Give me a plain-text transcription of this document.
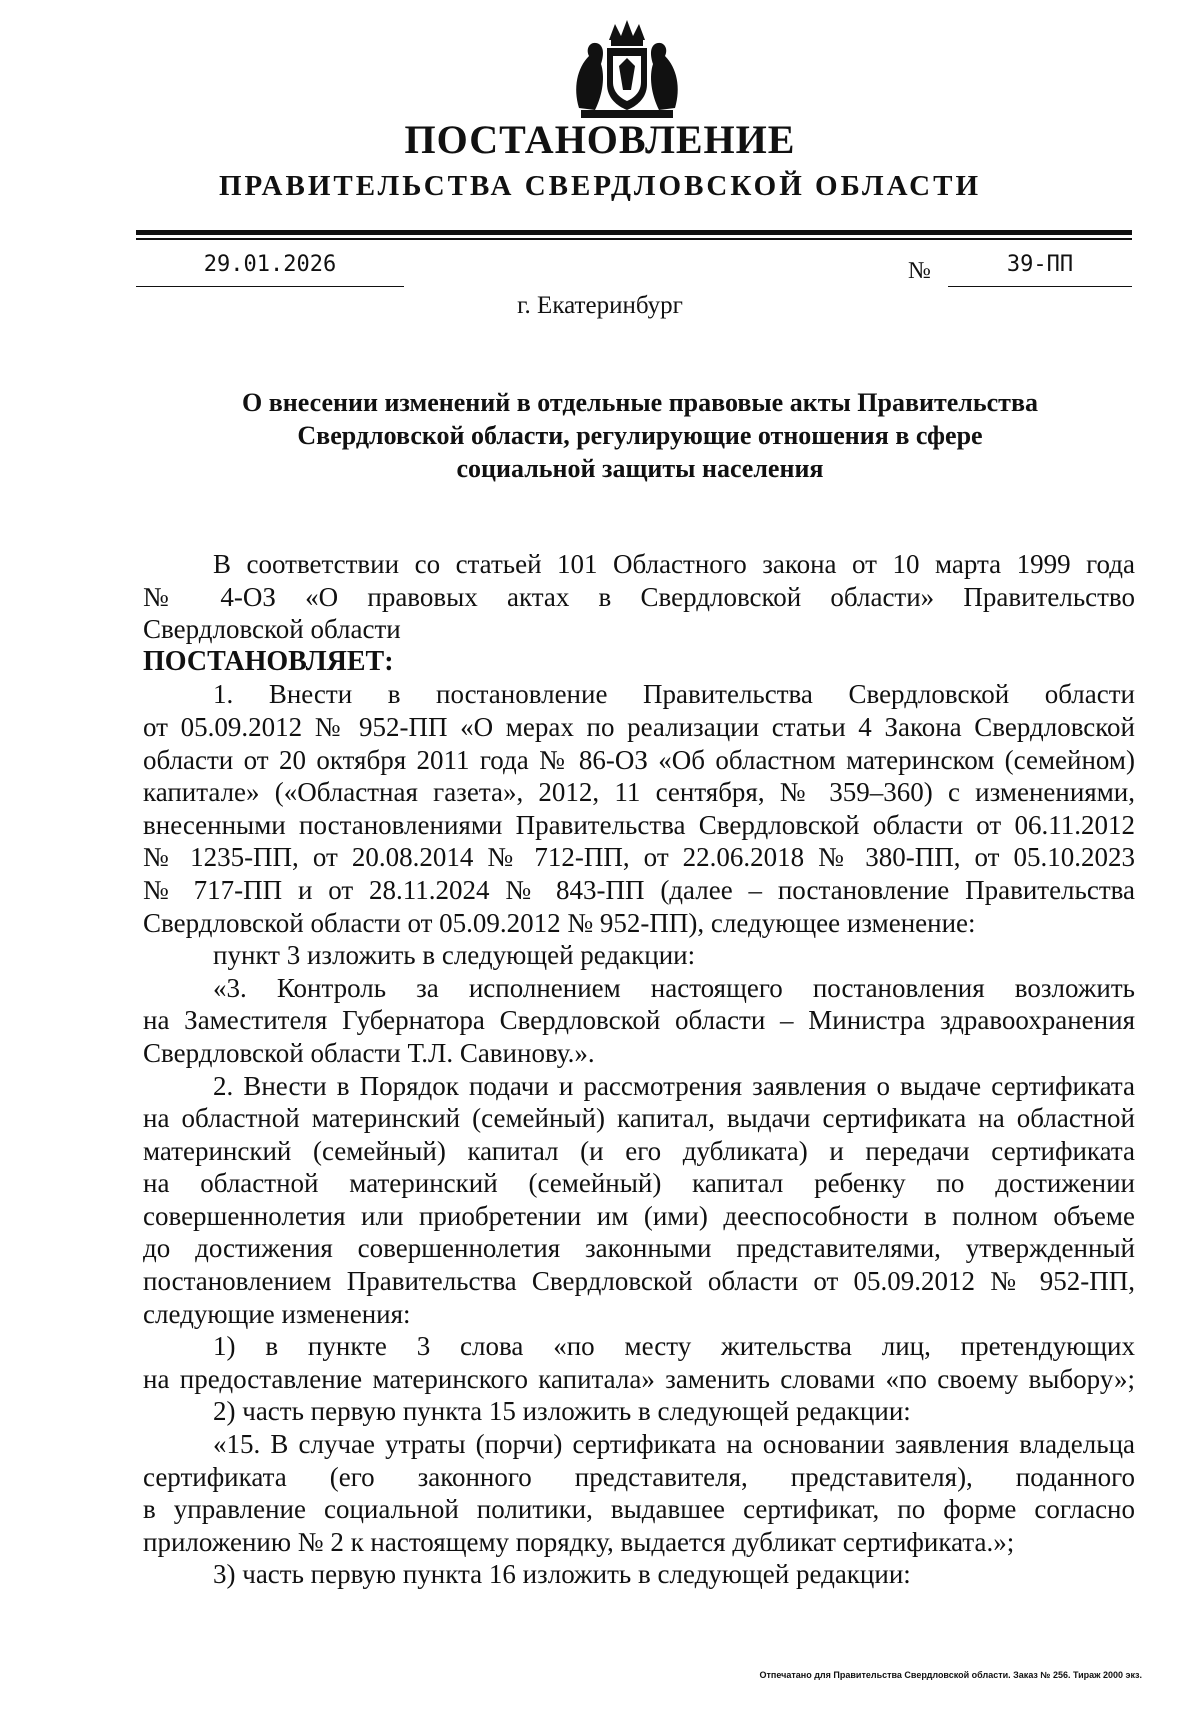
ПОСТАНОВЛЕНИЕ
ПРАВИТЕЛЬСТВА СВЕРДЛОВСКОЙ ОБЛАСТИ
29.01.2026	№	39-ПП
г. Екатеринбург
О внесении изменений в отдельные правовые акты Правительства
Свердловской области, регулирующие отношения в сфере
социальной защиты населения
В соответствии со статьей 101 Областного закона от 10 марта 1999 года
№ 4-ОЗ «О правовых актах в Свердловской области» Правительство
Свердловской области
ПОСТАНОВЛЯЕТ:
1. Внести в постановление Правительства Свердловской области
от 05.09.2012 № 952-ПП «О мерах по реализации статьи 4 Закона Свердловской
области от 20 октября 2011 года № 86-ОЗ «Об областном материнском (семейном)
капитале» («Областная газета», 2012, 11 сентября, № 359–360) с изменениями,
внесенными постановлениями Правительства Свердловской области от 06.11.2012
№ 1235-ПП, от 20.08.2014 № 712-ПП, от 22.06.2018 № 380-ПП, от 05.10.2023
№ 717-ПП и от 28.11.2024 № 843-ПП (далее – постановление Правительства
Свердловской области от 05.09.2012 № 952-ПП), следующее изменение:
пункт 3 изложить в следующей редакции:
«3. Контроль за исполнением настоящего постановления возложить
на Заместителя Губернатора Свердловской области – Министра здравоохранения
Свердловской области Т.Л. Савинову.».
2. Внести в Порядок подачи и рассмотрения заявления о выдаче сертификата
на областной материнский (семейный) капитал, выдачи сертификата на областной
материнский (семейный) капитал (и его дубликата) и передачи сертификата
на областной материнский (семейный) капитал ребенку по достижении
совершеннолетия или приобретении им (ими) дееспособности в полном объеме
до достижения совершеннолетия законными представителями, утвержденный
постановлением Правительства Свердловской области от 05.09.2012 № 952-ПП,
следующие изменения:
1) в пункте 3 слова «по месту жительства лиц, претендующих
на предоставление материнского капитала» заменить словами «по своему выбору»;
2) часть первую пункта 15 изложить в следующей редакции:
«15. В случае утраты (порчи) сертификата на основании заявления владельца
сертификата (его законного представителя, представителя), поданного
в управление социальной политики, выдавшее сертификат, по форме согласно
приложению № 2 к настоящему порядку, выдается дубликат сертификата.»;
3) часть первую пункта 16 изложить в следующей редакции:
Отпечатано для Правительства Свердловской области. Заказ № 256. Тираж 2000 экз.
